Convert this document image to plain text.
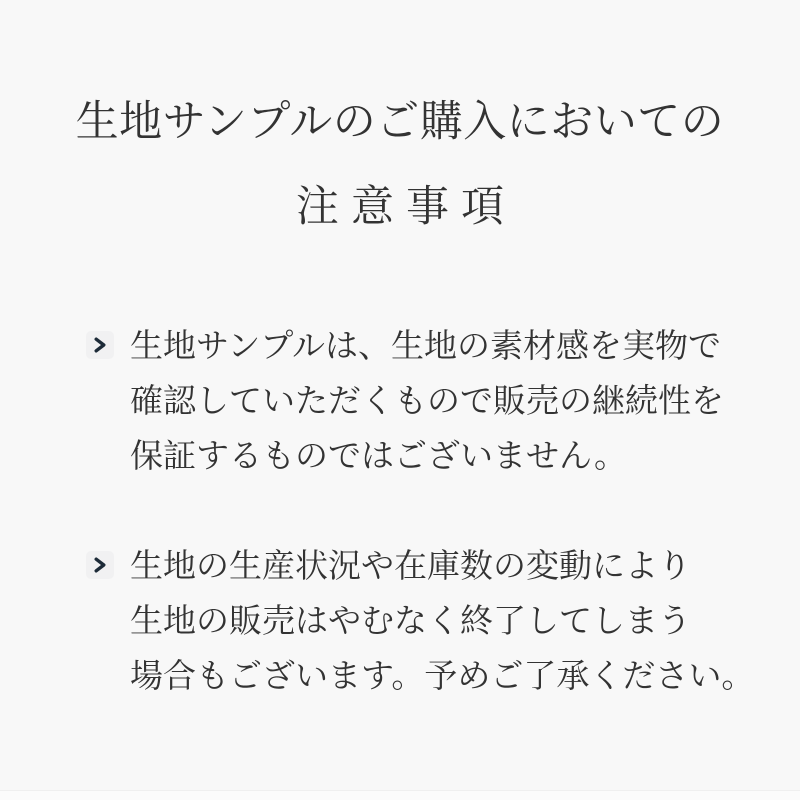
生地サンプルのご購入においての
注意事項
生地サンプルは、生地の素材感を実物で
確認していただくもので販売の継続性を
保証するものではございません。
生地の生産状況や在庫数の変動により
生地の販売はやむなく終了してしまう
場合もございます。予めご了承ください。
